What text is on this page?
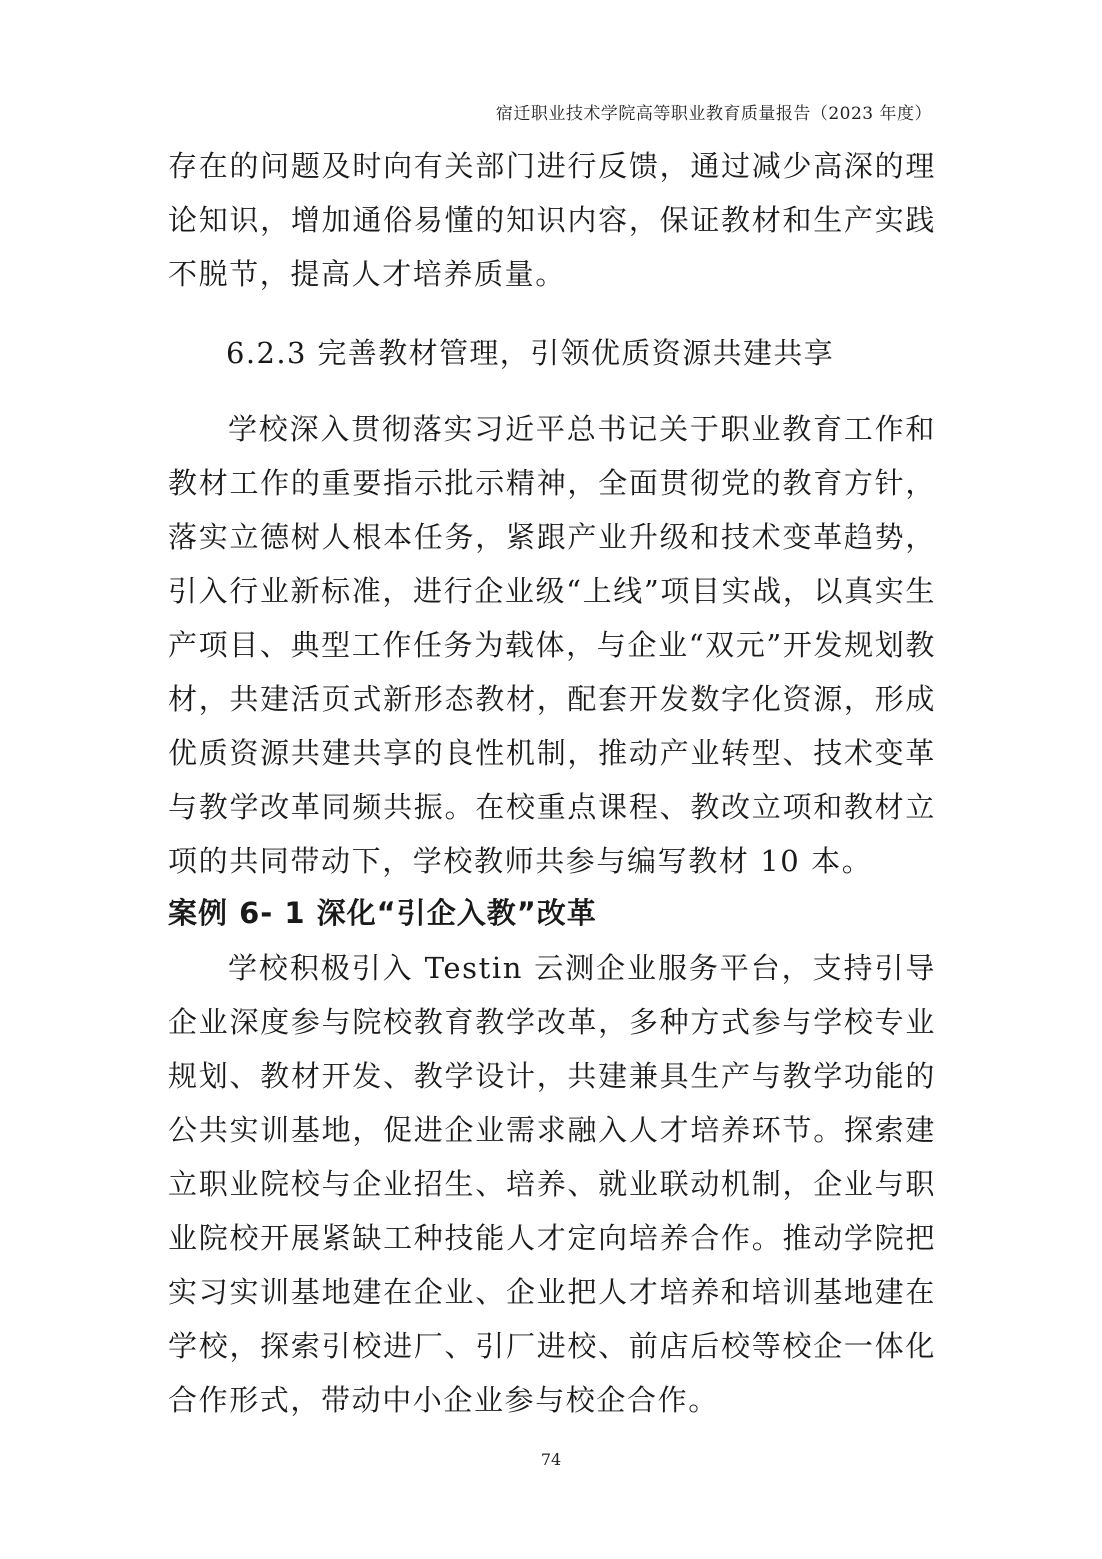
宿迁职业技术学院高等职业教育质量报告（2023 年度）

存在的问题及时向有关部门进行反馈，通过减少高深的理论知识，增加通俗易懂的知识内容，保证教材和生产实践不脱节，提高人才培养质量。

6.2.3 完善教材管理，引领优质资源共建共享

学校深入贯彻落实习近平总书记关于职业教育工作和教材工作的重要指示批示精神，全面贯彻党的教育方针，落实立德树人根本任务，紧跟产业升级和技术变革趋势，引入行业新标准，进行企业级“上线”项目实战，以真实生产项目、典型工作任务为载体，与企业“双元”开发规划教材，共建活页式新形态教材，配套开发数字化资源，形成优质资源共建共享的良性机制，推动产业转型、技术变革与教学改革同频共振。在校重点课程、教改立项和教材立项的共同带动下，学校教师共参与编写教材 10 本。

案例 6- 1 深化“引企入教”改革

学校积极引入 Testin 云测企业服务平台，支持引导企业深度参与院校教育教学改革，多种方式参与学校专业规划、教材开发、教学设计，共建兼具生产与教学功能的公共实训基地，促进企业需求融入人才培养环节。探索建立职业院校与企业招生、培养、就业联动机制，企业与职业院校开展紧缺工种技能人才定向培养合作。推动学院把实习实训基地建在企业、企业把人才培养和培训基地建在学校，探索引校进厂、引厂进校、前店后校等校企一体化合作形式，带动中小企业参与校企合作。

74
